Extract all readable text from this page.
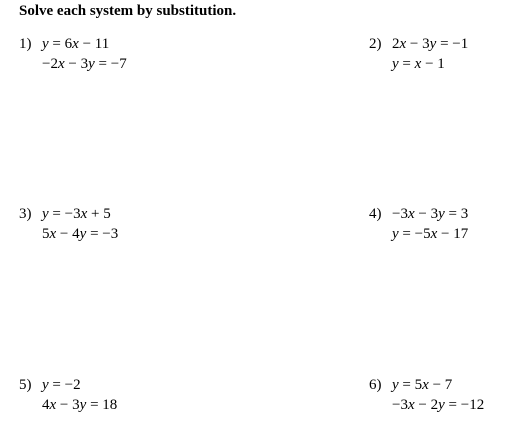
Solve each system by substitution.
1) y = 6x − 11
−2x − 3y = −7
2) 2x − 3y = −1
y = x − 1
3) y = −3x + 5
5x − 4y = −3
4) −3x − 3y = 3
y = −5x − 17
5) y = −2
4x − 3y = 18
6) y = 5x − 7
−3x − 2y = −12
